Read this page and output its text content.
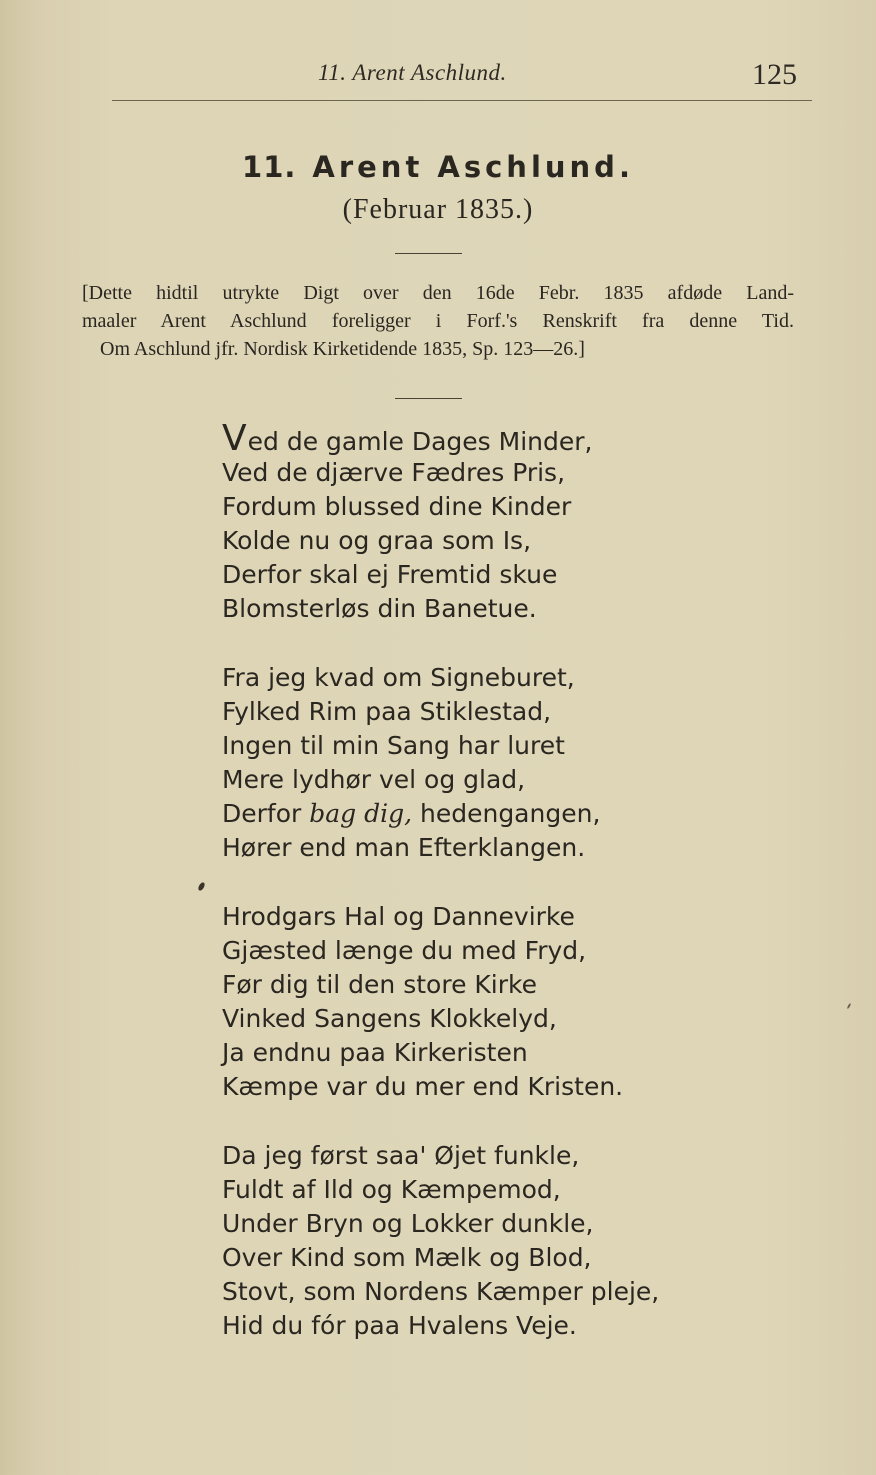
11. Arent Aschlund.	125
11. Arent Aschlund.
(Februar 1835.)
[Dette hidtil utrykte Digt over den 16de Febr. 1835 afdøde Land-
maaler Arent Aschlund foreligger i Forf.'s Renskrift fra denne Tid.
Om Aschlund jfr. Nordisk Kirketidende 1835, Sp. 123—26.]
Ved de gamle Dages Minder,
Ved de djærve Fædres Pris,
Fordum blussed dine Kinder
Kolde nu og graa som Is,
Derfor skal ej Fremtid skue
Blomsterløs din Banetue.
Fra jeg kvad om Signeburet,
Fylked Rim paa Stiklestad,
Ingen til min Sang har luret
Mere lydhør vel og glad,
Derfor bag dig, hedengangen,
Hører end man Efterklangen.
Hrodgars Hal og Dannevirke
Gjæsted længe du med Fryd,
Før dig til den store Kirke
Vinked Sangens Klokkelyd,
Ja endnu paa Kirkeristen
Kæmpe var du mer end Kristen.
Da jeg først saa' Øjet funkle,
Fuldt af Ild og Kæmpemod,
Under Bryn og Lokker dunkle,
Over Kind som Mælk og Blod,
Stovt, som Nordens Kæmper pleje,
Hid du fór paa Hvalens Veje.
